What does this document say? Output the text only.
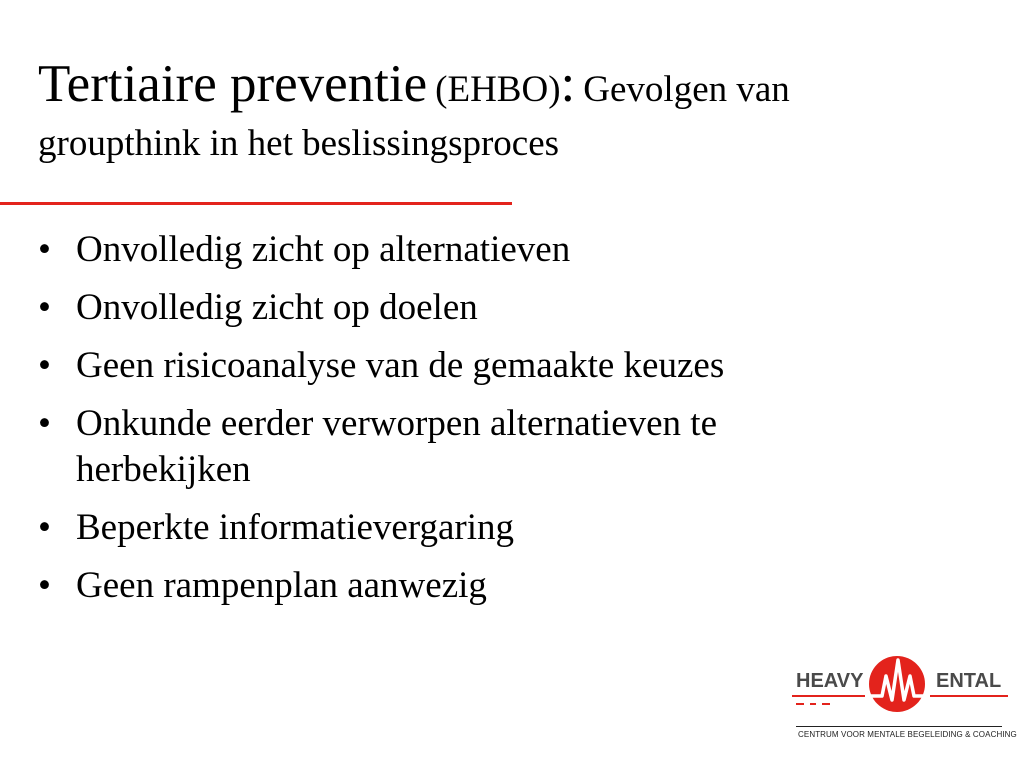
Tertiaire preventie (EHBO): Gevolgen van
groupthink in het beslissingsproces
• Onvolledig zicht op alternatieven
• Onvolledig zicht op doelen
• Geen risicoanalyse van de gemaakte keuzes
• Onkunde eerder verworpen alternatieven te herbekijken
• Beperkte informatievergaring
• Geen rampenplan aanwezig
HEAVY	ENTAL
CENTRUM VOOR MENTALE BEGELEIDING & COACHING
